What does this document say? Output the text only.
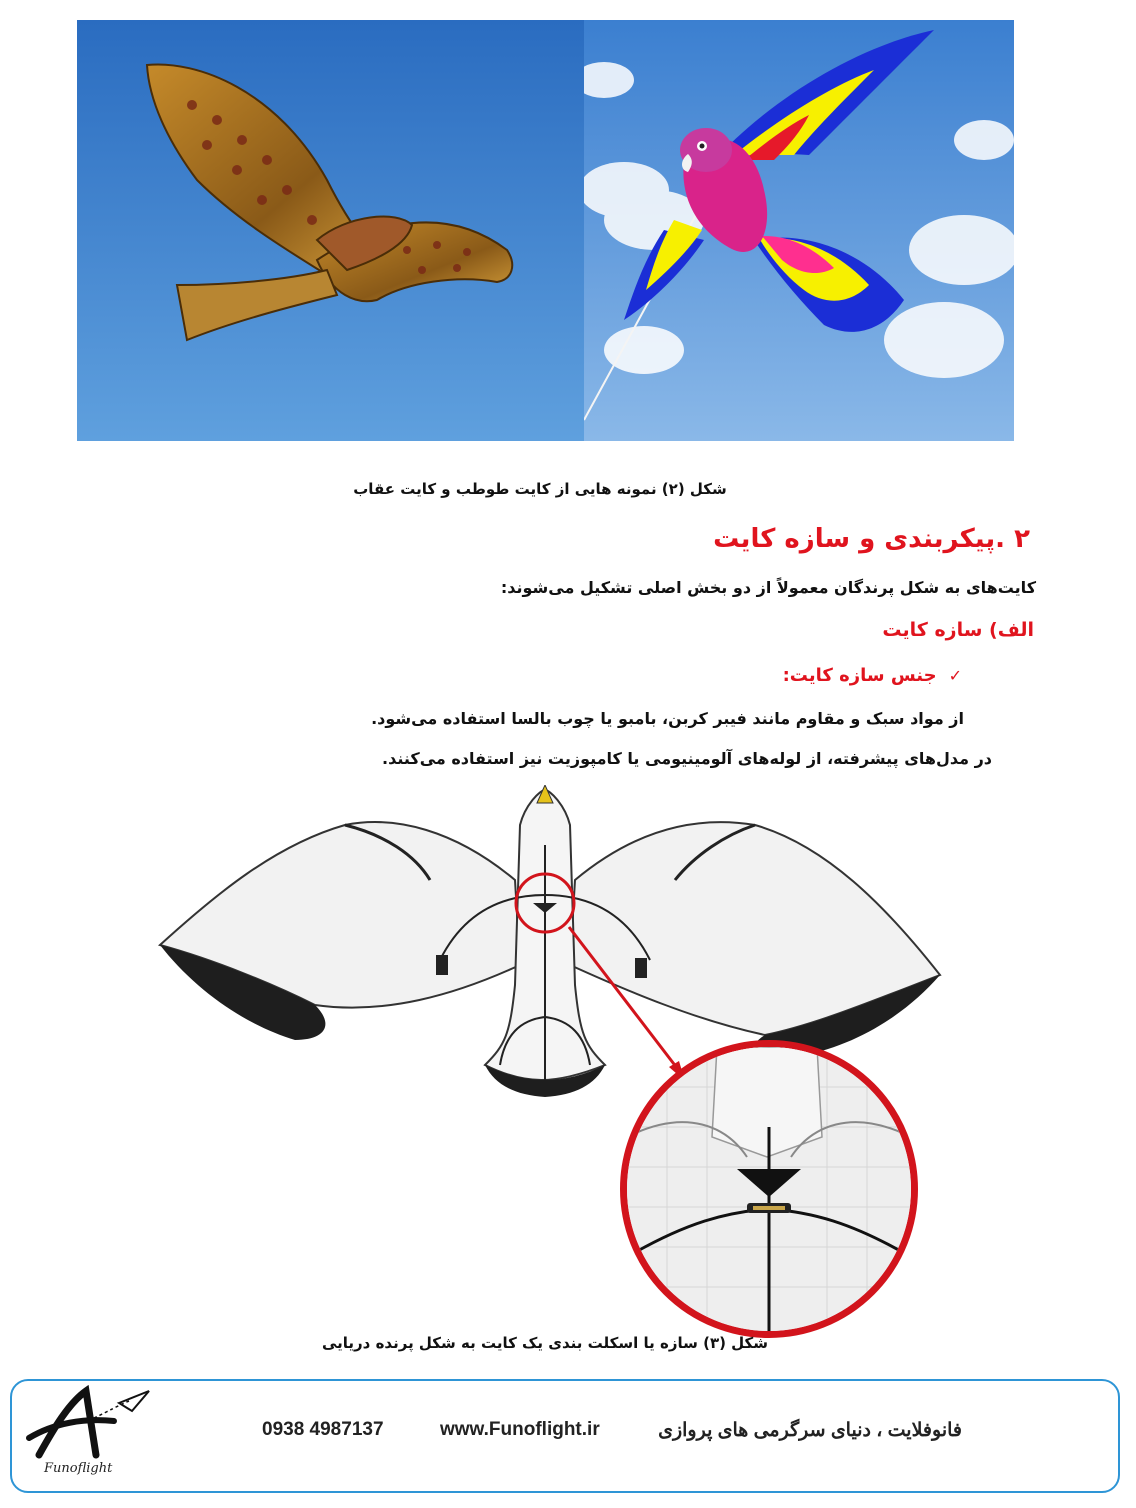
شکل (۲) نمونه هایی از کایت طوطب و کایت عقاب
۲ .پیکربندی و سازه کایت
کایت‌های به شکل پرندگان معمولاً از دو بخش اصلی تشکیل می‌شوند:
الف) سازه کایت
✓
جنس سازه کایت:
از مواد سبک و مقاوم مانند فیبر کربن، بامبو یا چوب بالسا استفاده می‌شود.
در مدل‌های پیشرفته، از لوله‌های آلومینیومی یا کامپوزیت نیز استفاده می‌کنند.
شکل (۳) سازه یا اسکلت بندی یک کایت به شکل پرنده دریایی
Funoflight
0938 4987137	www.Funoflight.ir	فانوفلایت ، دنیای سرگرمی های پروازی
